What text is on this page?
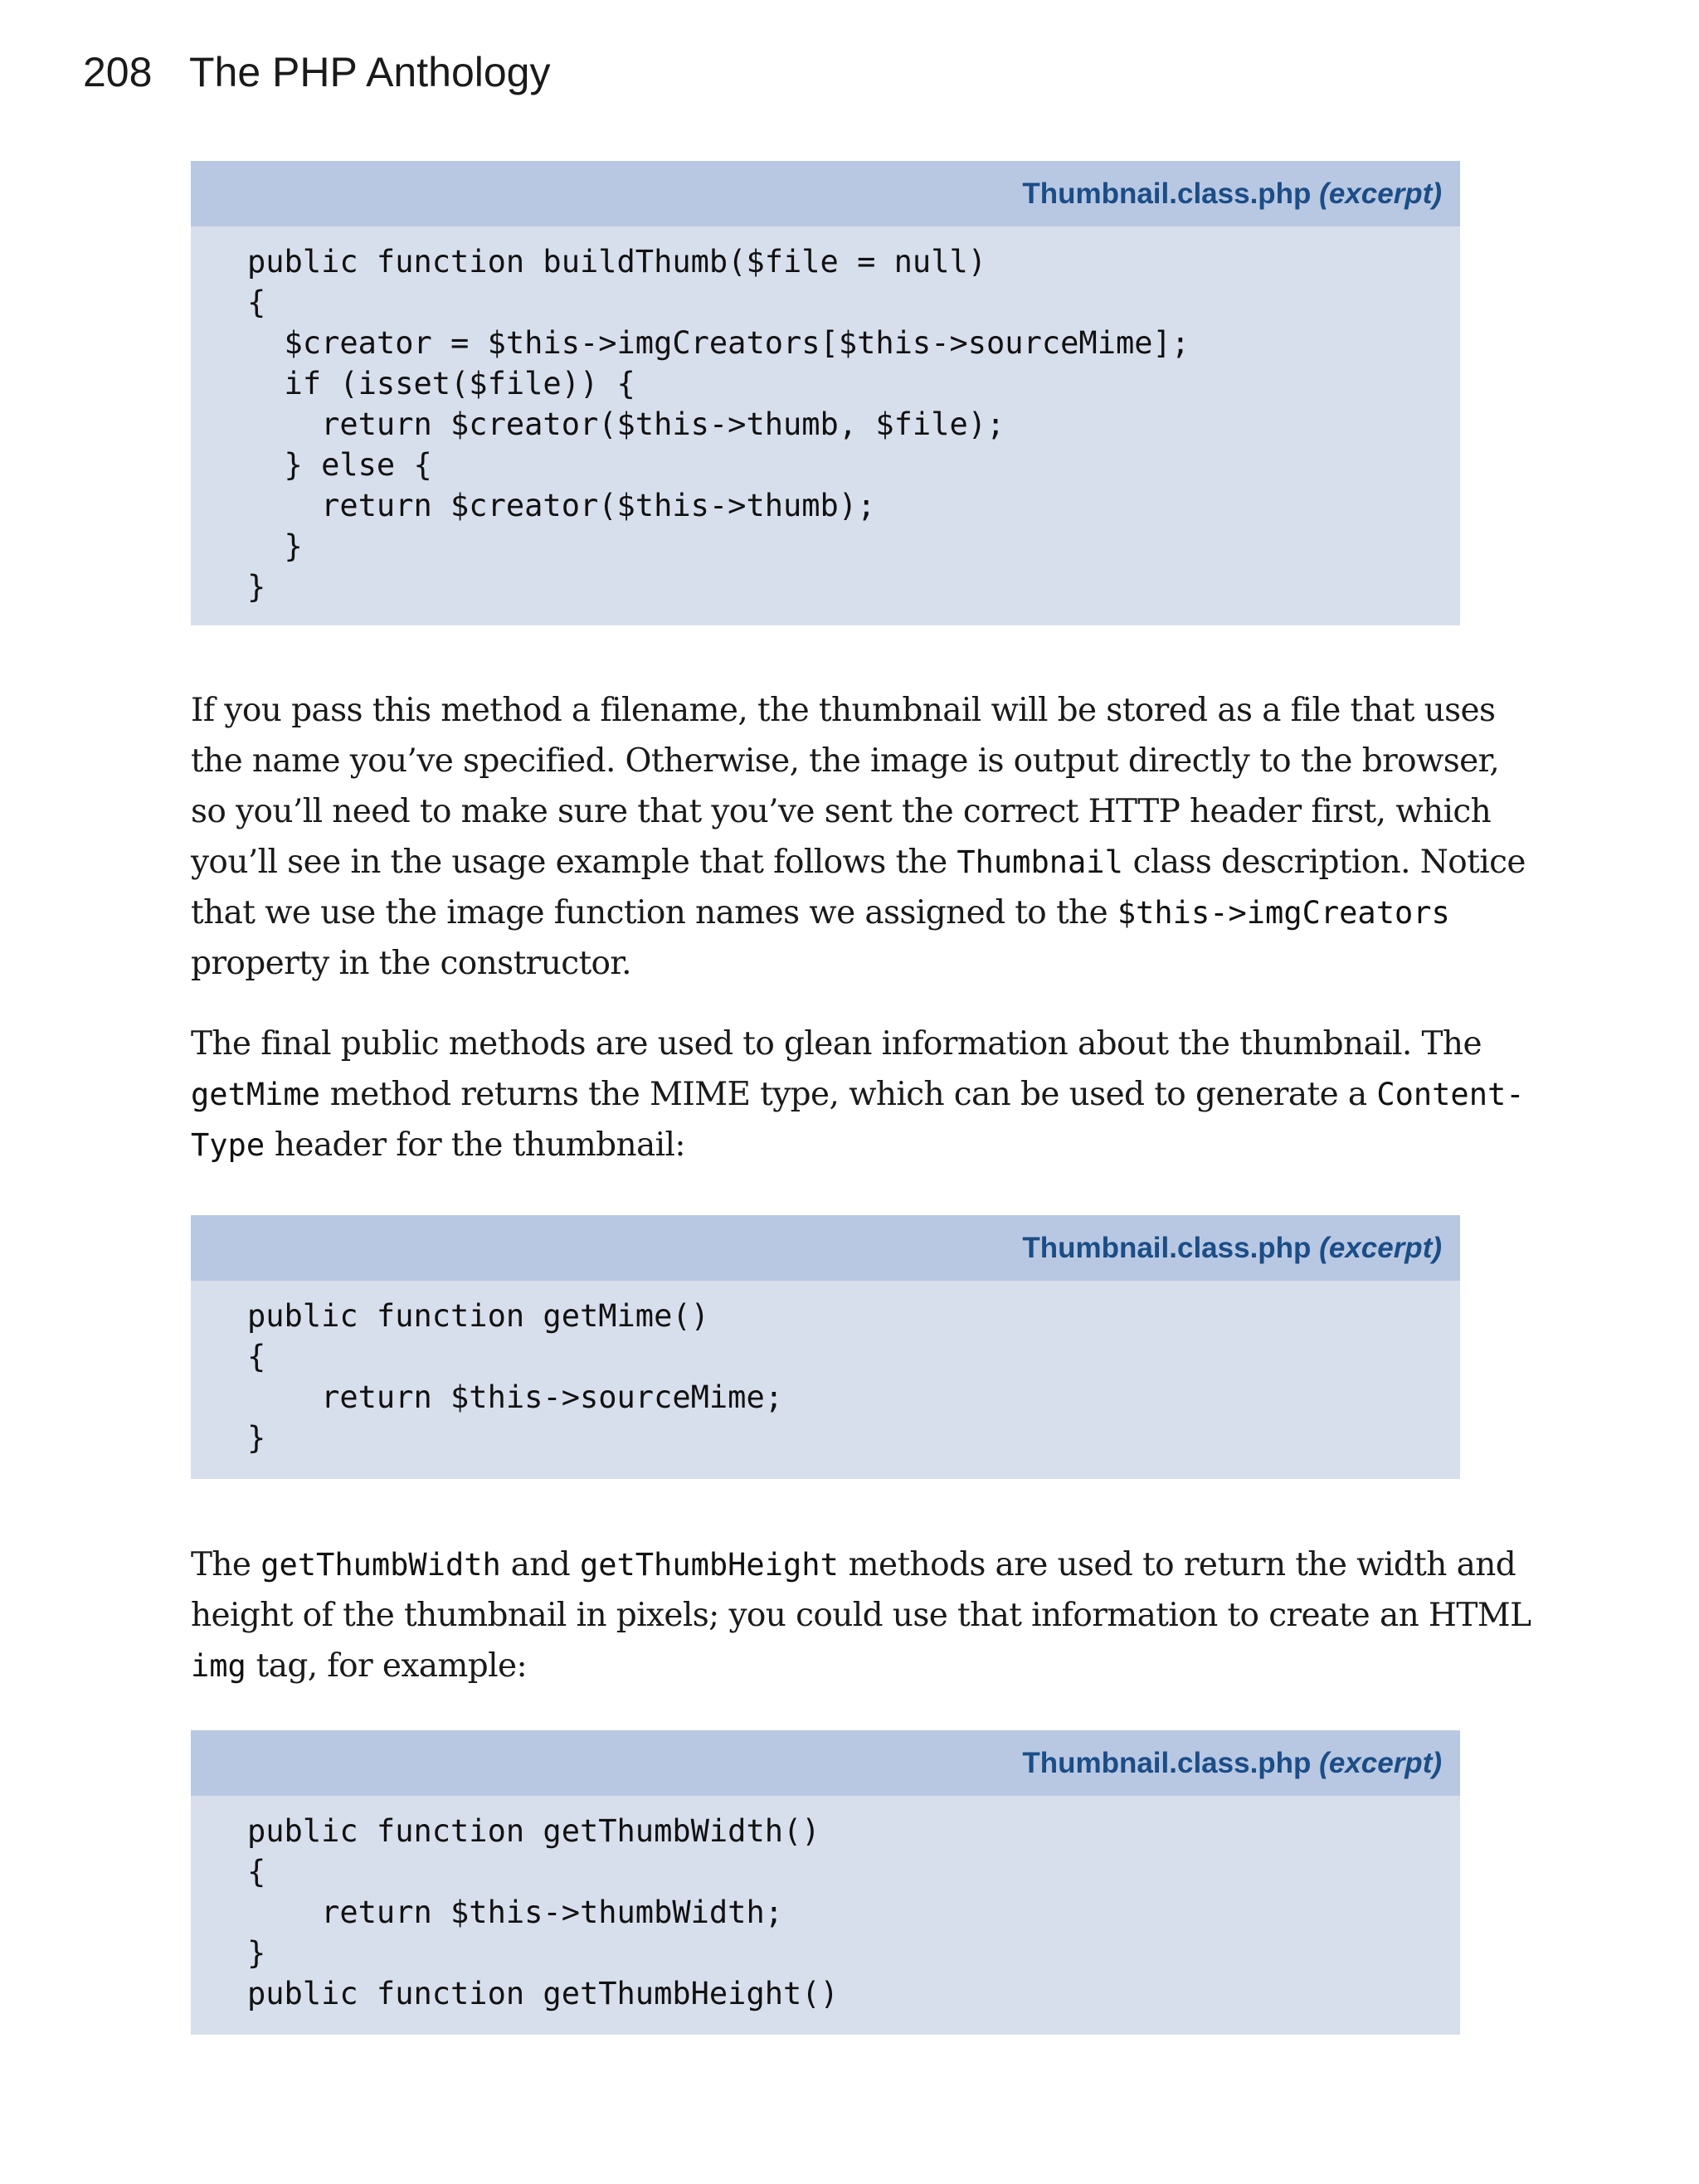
208 The PHP Anthology
Thumbnail.class.php (excerpt)
public function buildThumb($file = null)
{
$creator = $this->imgCreators[$this->sourceMime];
if (isset($file)) {
return $creator($this->thumb, $file);
} else {
return $creator($this->thumb);
}
}

If you pass this method a filename, the thumbnail will be stored as a file that uses
the name you’ve specified. Otherwise, the image is output directly to the browser,
so you’ll need to make sure that you’ve sent the correct HTTP header first, which
you’ll see in the usage example that follows the Thumbnail class description. Notice
that we use the image function names we assigned to the $this->imgCreators
property in the constructor.

The final public methods are used to glean information about the thumbnail. The
getMime method returns the MIME type, which can be used to generate a Content-
Type header for the thumbnail:

Thumbnail.class.php (excerpt)
public function getMime()
{
return $this->sourceMime;
}

The getThumbWidth and getThumbHeight methods are used to return the width and
height of the thumbnail in pixels; you could use that information to create an HTML
img tag, for example:

Thumbnail.class.php (excerpt)
public function getThumbWidth()
{
return $this->thumbWidth;
}
public function getThumbHeight()
